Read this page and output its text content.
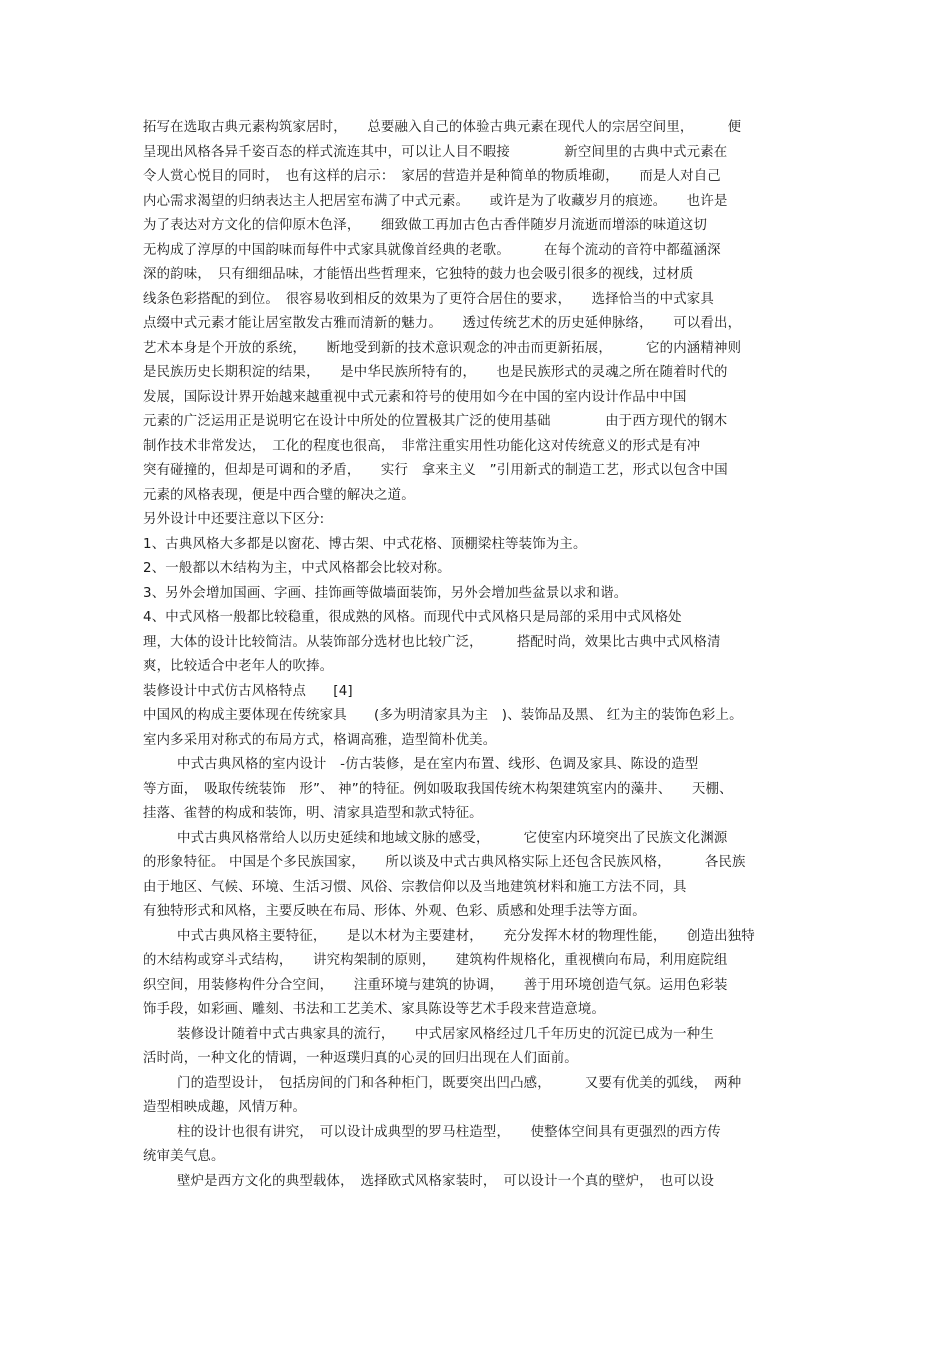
拓写在选取古典元素构筑家居时，　　总要融入自己的体验古典元素在现代人的宗居空间里，　　　便
呈现出风格各异千姿百态的样式流连其中，可以让人目不暇接　　　　新空间里的古典中式元素在
令人赏心悦目的同时，　也有这样的启示：　家居的营造并是种简单的物质堆砌，　　而是人对自己
内心需求渴望的归纳表达主人把居室布满了中式元素。　　或许是为了收藏岁月的痕迹。　　也许是
为了表达对方文化的信仰原木色泽，　　细致做工再加古色古香伴随岁月流逝而增添的味道这切
无构成了淳厚的中国韵味而每件中式家具就像首经典的老歌。　　　在每个流动的音符中都蕴涵深
深的韵味，　只有细细品味，才能悟出些哲理来，它独特的鼓力也会吸引很多的视线，过材质
线条色彩搭配的到位。　很容易收到相反的效果为了更符合居住的要求，　　选择恰当的中式家具
点缀中式元素才能让居室散发古雅而清新的魅力。　　透过传统艺术的历史延伸脉络，　　可以看出，
艺术本身是个开放的系统，　　断地受到新的技术意识观念的冲击而更新拓展，　　　它的内涵精神则
是民族历史长期积淀的结果，　　是中华民族所特有的，　　也是民族形式的灵魂之所在随着时代的
发展，国际设计界开始越来越重视中式元素和符号的使用如今在中国的室内设计作品中中国
元素的广泛运用正是说明它在设计中所处的位置极其广泛的使用基础　　　　由于西方现代的钢木
制作技术非常发达，　工化的程度也很高，　非常注重实用性功能化这对传统意义的形式是有冲
突有碰撞的，但却是可调和的矛盾，　　实行　拿来主义　”引用新式的制造工艺，形式以包含中国
元素的风格表现，便是中西合璧的解决之道。
另外设计中还要注意以下区分:
1、古典风格大多都是以窗花、博古架、中式花格、顶棚梁柱等装饰为主。
2、一般都以木结构为主，中式风格都会比较对称。
3、另外会增加国画、字画、挂饰画等做墙面装饰，另外会增加些盆景以求和谐。
4、中式风格一般都比较稳重，很成熟的风格。而现代中式风格只是局部的采用中式风格处
理，大体的设计比较简洁。从装饰部分选材也比较广泛，　　　搭配时尚，效果比古典中式风格清
爽，比较适合中老年人的吹捧。
装修设计中式仿古风格特点　　[4]
中国风的构成主要体现在传统家具　　(多为明清家具为主　)、装饰品及黑、 红为主的装饰色彩上。
室内多采用对称式的布局方式，格调高雅，造型简朴优美。
中式古典风格的室内设计　-仿古装修，是在室内布置、线形、色调及家具、陈设的造型
等方面，　吸取传统装饰　形”、 神”的特征。例如吸取我国传统木构架建筑室内的藻井、　　天棚、
挂落、雀替的构成和装饰，明、清家具造型和款式特征。
中式古典风格常给人以历史延续和地域文脉的感受，　　　它使室内环境突出了民族文化渊源
的形象特征。 中国是个多民族国家，　　所以谈及中式古典风格实际上还包含民族风格，　　　各民族
由于地区、气候、环境、生活习惯、风俗、宗教信仰以及当地建筑材料和施工方法不同，具
有独特形式和风格，主要反映在布局、形体、外观、色彩、质感和处理手法等方面。
中式古典风格主要特征，　　是以木材为主要建材，　　充分发挥木材的物理性能，　　创造出独特
的木结构或穿斗式结构，　　讲究构架制的原则，　　建筑构件规格化，重视横向布局，利用庭院组
织空间，用装修构件分合空间，　　注重环境与建筑的协调，　　善于用环境创造气氛。运用色彩装
饰手段，如彩画、雕刻、书法和工艺美术、家具陈设等艺术手段来营造意境。
装修设计随着中式古典家具的流行，　　中式居家风格经过几千年历史的沉淀已成为一种生
活时尚，一种文化的情调，一种返璞归真的心灵的回归出现在人们面前。
门的造型设计，　包括房间的门和各种柜门，既要突出凹凸感，　　　又要有优美的弧线，　两种
造型相映成趣，风情万种。
柱的设计也很有讲究，　可以设计成典型的罗马柱造型，　　使整体空间具有更强烈的西方传
统审美气息。
壁炉是西方文化的典型载体，　选择欧式风格家装时，　可以设计一个真的壁炉，　也可以设
